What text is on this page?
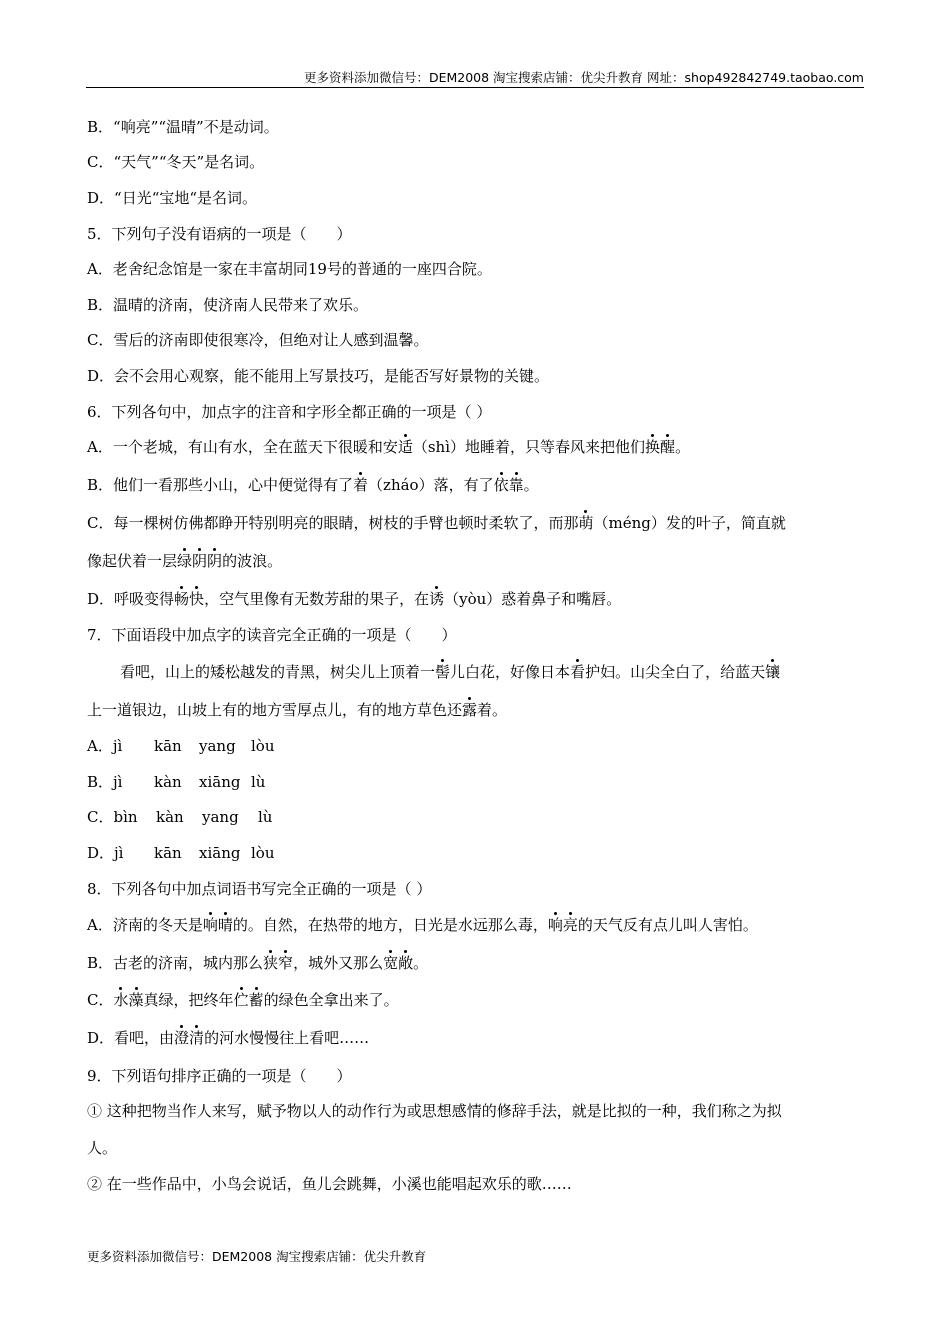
更多资料添加微信号：DEM2008 淘宝搜索店铺：优尖升教育 网址：shop492842749.taobao.com
B．“响亮”“温晴”不是动词。
C．“天气”“冬天”是名词。
D．“日光“宝地“是名词。
5．下列句子没有语病的一项是（　　）
A．老舍纪念馆是一家在丰富胡同19号的普通的一座四合院。
B．温晴的济南，使济南人民带来了欢乐。
C．雪后的济南即使很寒冷，但绝对让人感到温馨。
D．会不会用心观察，能不能用上写景技巧，是能否写好景物的关键。
6．下列各句中，加点字的注音和字形全都正确的一项是（ ）
A．一个老城，有山有水，全在蓝天下很暖和安适（shì）地睡着，只等春风来把他们换醒。
B．他们一看那些小山，心中便觉得有了着（zháo）落，有了依靠。
C．每一棵树仿佛都睁开特别明亮的眼睛，树枝的手臂也顿时柔软了，而那萌（méng）发的叶子，简直就
像起伏着一层绿阴阴的波浪。
D．呼吸变得畅快，空气里像有无数芳甜的果子，在诱（yòu）惑着鼻子和嘴唇。
7．下面语段中加点字的读音完全正确的一项是（　　）
看吧，山上的矮松越发的青黑，树尖儿上顶着一髻儿白花，好像日本看护妇。山尖全白了，给蓝天镶
上一道银边，山坡上有的地方雪厚点儿，有的地方草色还露着。
A．jì kān yang lòu
B．jì kàn xiāng lù
C．bìn kàn yang lù
D．jì kān xiāng lòu
8．下列各句中加点词语书写完全正确的一项是（ ）
A．济南的冬天是响晴的。自然，在热带的地方，日光是水远那么毒，响亮的天气反有点儿叫人害怕。
B．古老的济南，城内那么狭窄，城外又那么宽敞。
C．水藻真绿，把终年伫蓄的绿色全拿出来了。
D．看吧，由澄清的河水慢慢往上看吧……
9．下列语句排序正确的一项是（　　）
① 这种把物当作人来写，赋予物以人的动作行为或思想感情的修辞手法，就是比拟的一种，我们称之为拟
人。
② 在一些作品中，小鸟会说话，鱼儿会跳舞，小溪也能唱起欢乐的歌……
更多资料添加微信号：DEM2008 淘宝搜索店铺：优尖升教育
